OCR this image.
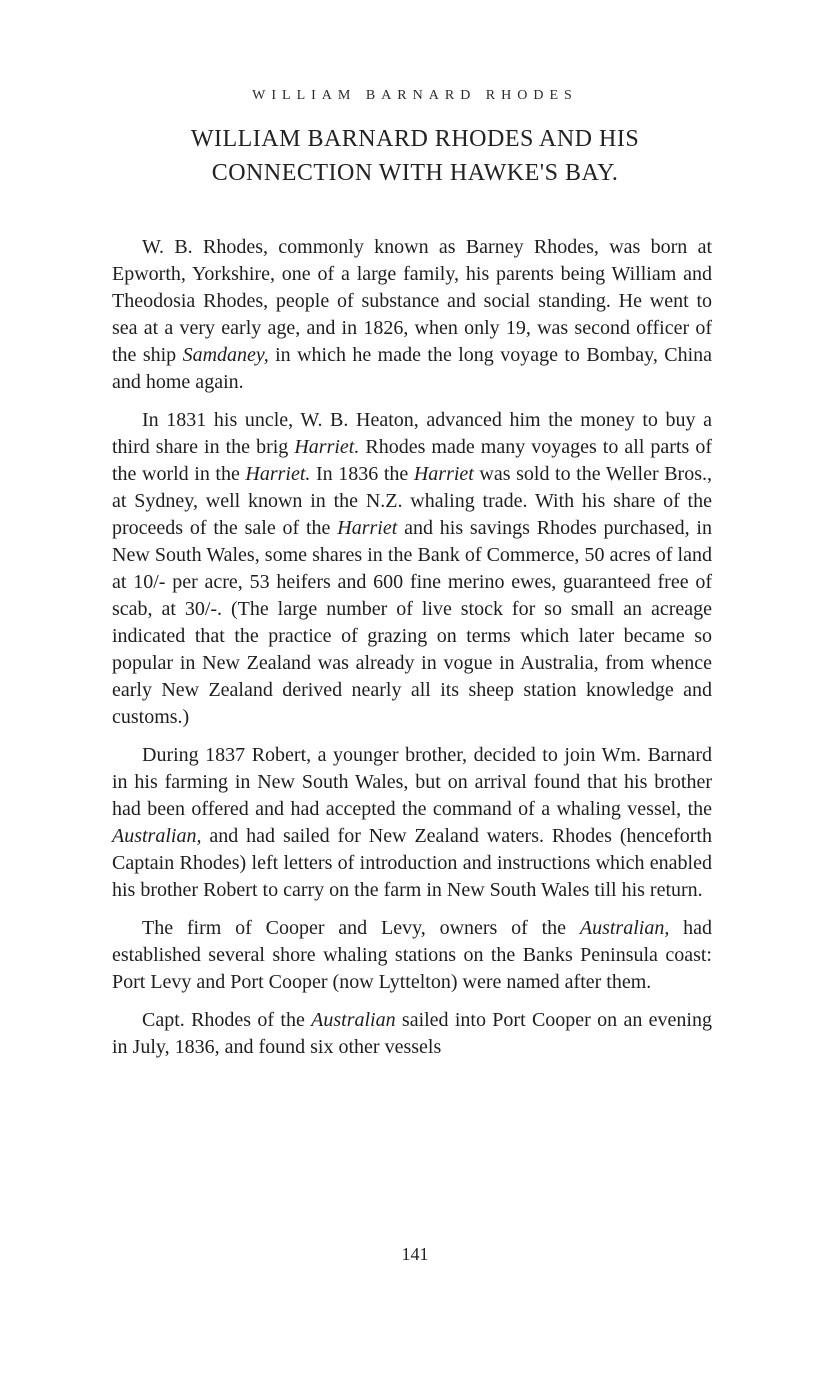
WILLIAM BARNARD RHODES
WILLIAM BARNARD RHODES AND HIS
CONNECTION WITH HAWKE'S BAY.

W. B. Rhodes, commonly known as Barney Rhodes, was born at Epworth, Yorkshire, one of a large family, his parents being William and Theodosia Rhodes, people of substance and social standing. He went to sea at a very early age, and in 1826, when only 19, was second officer of the ship Samdaney, in which he made the long voyage to Bombay, China and home again.

In 1831 his uncle, W. B. Heaton, advanced him the money to buy a third share in the brig Harriet. Rhodes made many voyages to all parts of the world in the Harriet. In 1836 the Harriet was sold to the Weller Bros., at Sydney, well known in the N.Z. whaling trade. With his share of the proceeds of the sale of the Harriet and his savings Rhodes purchased, in New South Wales, some shares in the Bank of Commerce, 50 acres of land at 10/- per acre, 53 heifers and 600 fine merino ewes, guaranteed free of scab, at 30/-. (The large number of live stock for so small an acreage indicated that the practice of grazing on terms which later became so popular in New Zealand was already in vogue in Australia, from whence early New Zealand derived nearly all its sheep station knowledge and customs.)

During 1837 Robert, a younger brother, decided to join Wm. Barnard in his farming in New South Wales, but on arrival found that his brother had been offered and had accepted the command of a whaling vessel, the Australian, and had sailed for New Zealand waters. Rhodes (henceforth Captain Rhodes) left letters of introduction and instructions which enabled his brother Robert to carry on the farm in New South Wales till his return.

The firm of Cooper and Levy, owners of the Australian, had established several shore whaling stations on the Banks Peninsula coast: Port Levy and Port Cooper (now Lyttelton) were named after them.

Capt. Rhodes of the Australian sailed into Port Cooper on an evening in July, 1836, and found six other vessels

141
